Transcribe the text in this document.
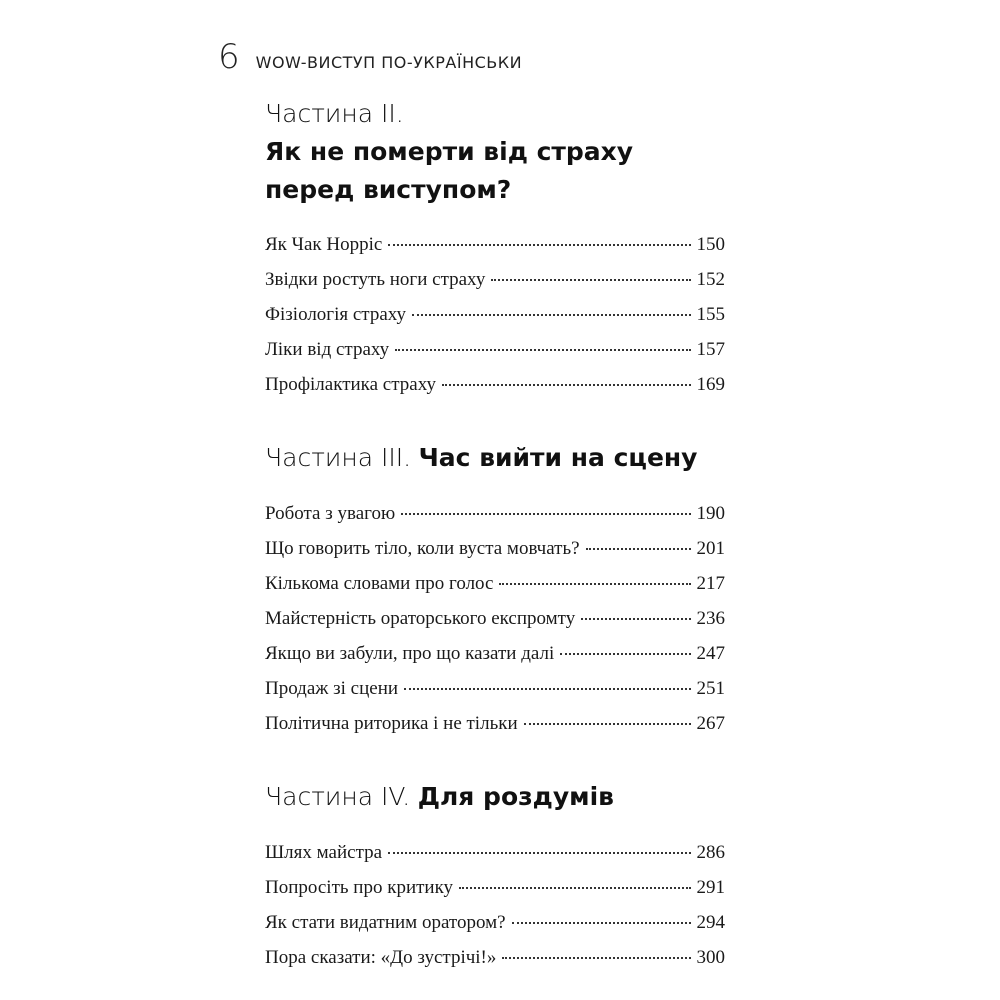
6 WOW-ВИСТУП ПО-УКРАЇНСЬКИ
Частина ІІ.
Як не померти від страху
перед виступом?
Як Чак Норріс	150
Звідки ростуть ноги страху	152
Фізіологія страху	155
Ліки від страху	157
Профілактика страху	169
Частина ІІІ. Час вийти на сцену
Робота з увагою	190
Що говорить тіло, коли вуста мовчать?	201
Кількома словами про голос	217
Майстерність ораторського експромту	236
Якщо ви забули, про що казати далі	247
Продаж зі сцени	251
Політична риторика і не тільки	267
Частина IV. Для роздумів
Шлях майстра	286
Попросіть про критику	291
Як стати видатним оратором?	294
Пора сказати: «До зустрічі!»	300
